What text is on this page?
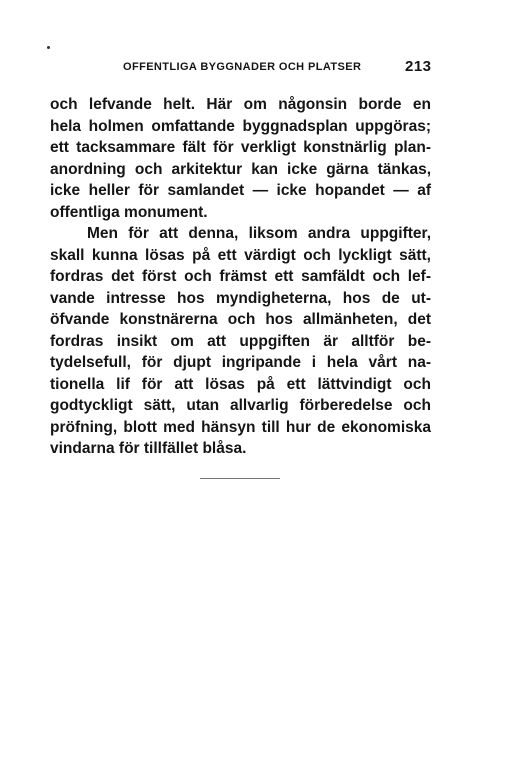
OFFENTLIGA BYGGNADER OCH PLATSER	213
och lefvande helt. Här om någonsin borde en
hela holmen omfattande byggnadsplan uppgöras;
ett tacksammare fält för verkligt konstnärlig plan-
anordning och arkitektur kan icke gärna tänkas,
icke heller för samlandet — icke hopandet — af
offentliga monument.
Men för att denna, liksom andra uppgifter,
skall kunna lösas på ett värdigt och lyckligt sätt,
fordras det först och främst ett samfäldt och lef-
vande intresse hos myndigheterna, hos de ut-
öfvande konstnärerna och hos allmänheten, det
fordras insikt om att uppgiften är alltför be-
tydelsefull, för djupt ingripande i hela vårt na-
tionella lif för att lösas på ett lättvindigt och
godtyckligt sätt, utan allvarlig förberedelse och
pröfning, blott med hänsyn till hur de ekonomiska
vindarna för tillfället blåsa.
